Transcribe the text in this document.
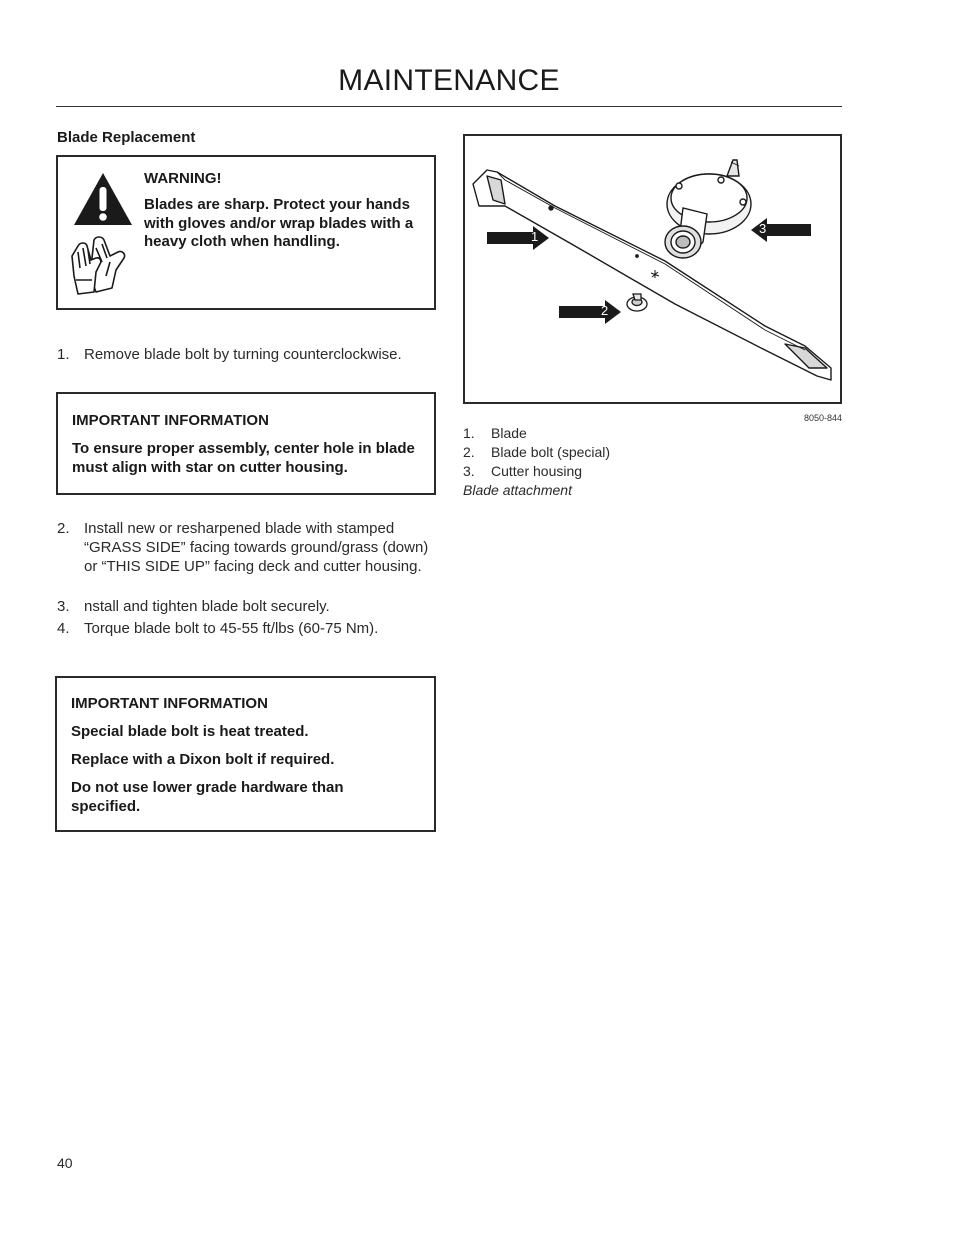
MAINTENANCE
Blade Replacement
WARNING!
Blades are sharp. Protect your hands with gloves and/or wrap blades with a heavy cloth when handling.
1. Remove blade bolt by turning counterclockwise.
IMPORTANT INFORMATION
To ensure proper assembly, center hole in blade must align with star on cutter housing.
2. Install new or resharpened blade with stamped “GRASS SIDE” facing towards ground/grass (down) or “THIS SIDE UP” facing deck and cutter housing.
3. nstall and tighten blade bolt securely.
4. Torque blade bolt to 45-55 ft/lbs (60-75 Nm).
IMPORTANT INFORMATION
Special blade bolt is heat treated.
Replace with a Dixon bolt if required.
Do not use lower grade hardware than specified.
1
2
3
8050-844
1. Blade
2. Blade bolt (special)
3. Cutter housing
Blade attachment
40
